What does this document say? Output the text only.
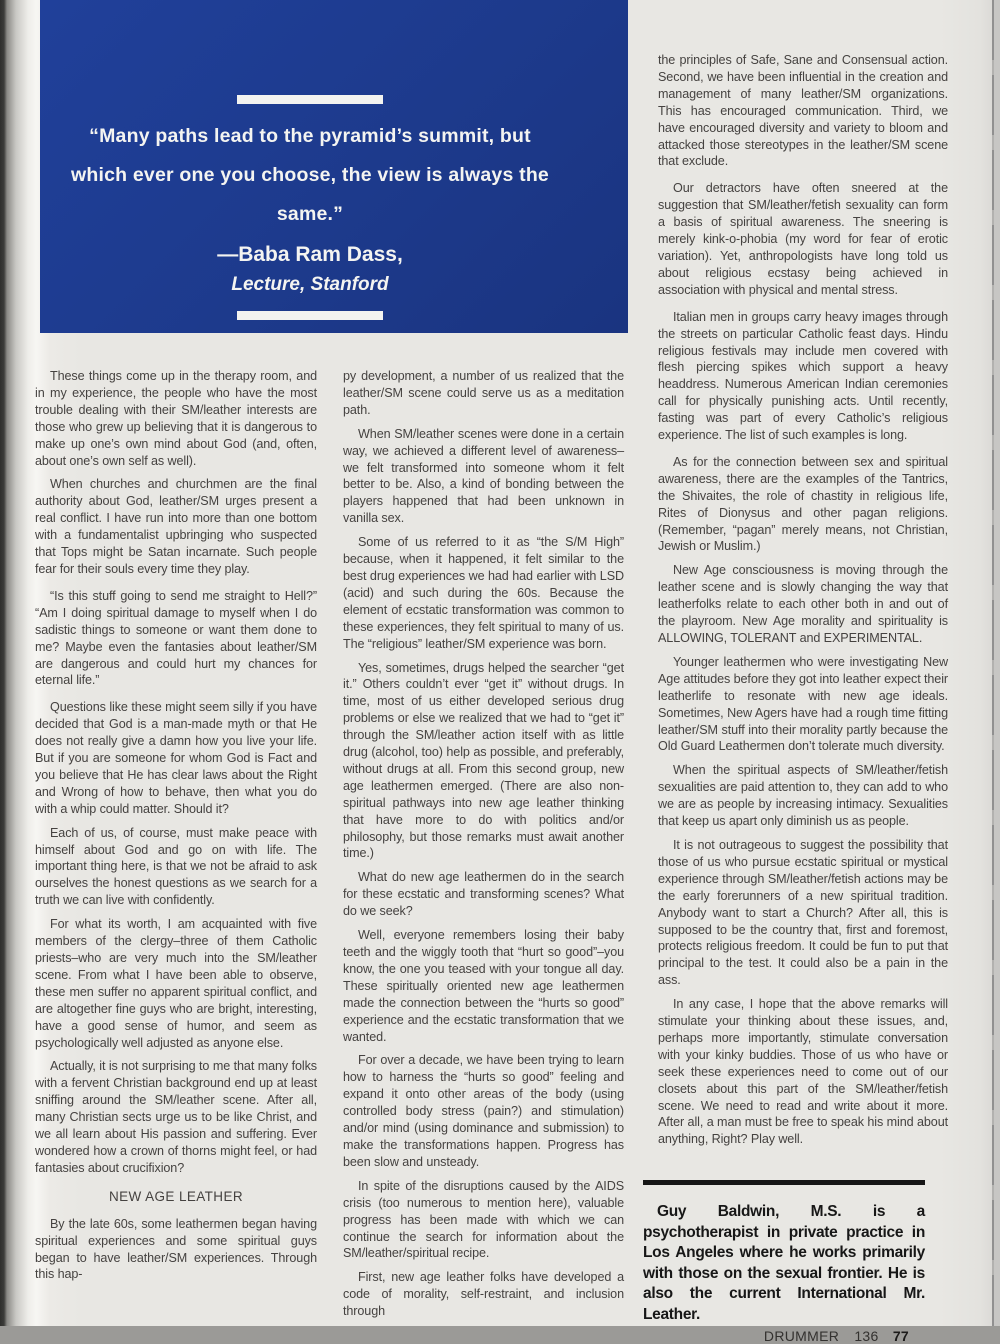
“Many paths lead to the pyramid’s summit, but which ever one you choose, the view is always the same.”
—Baba Ram Dass,
Lecture, Stanford

These things come up in the therapy room, and in my experience, the people who have the most trouble dealing with their SM/leather interests are those who grew up believing that it is dangerous to make up one’s own mind about God (and, often, about one’s own self as well).

When churches and churchmen are the final authority about God, leather/SM urges present a real conflict. I have run into more than one bottom with a fundamentalist upbringing who suspected that Tops might be Satan incarnate. Such people fear for their souls every time they play.

“Is this stuff going to send me straight to Hell?” “Am I doing spiritual damage to myself when I do sadistic things to someone or want them done to me? Maybe even the fantasies about leather/SM are dangerous and could hurt my chances for eternal life.”

Questions like these might seem silly if you have decided that God is a man-made myth or that He does not really give a damn how you live your life. But if you are someone for whom God is Fact and you believe that He has clear laws about the Right and Wrong of how to behave, then what you do with a whip could matter. Should it?

Each of us, of course, must make peace with himself about God and go on with life. The important thing here, is that we not be afraid to ask ourselves the honest questions as we search for a truth we can live with confidently.

For what its worth, I am acquainted with five members of the clergy–three of them Catholic priests–who are very much into the SM/leather scene. From what I have been able to observe, these men suffer no apparent spiritual conflict, and are altogether fine guys who are bright, interesting, have a good sense of humor, and seem as psychologically well adjusted as anyone else.

Actually, it is not surprising to me that many folks with a fervent Christian background end up at least sniffing around the SM/leather scene. After all, many Christian sects urge us to be like Christ, and we all learn about His passion and suffering. Ever wondered how a crown of thorns might feel, or had fantasies about crucifixion?

NEW AGE LEATHER

By the late 60s, some leathermen began having spiritual experiences and some spiritual guys began to have leather/SM experiences. Through this hap-

py development, a number of us realized that the leather/SM scene could serve us as a meditation path.

When SM/leather scenes were done in a certain way, we achieved a different level of awareness–we felt transformed into someone whom it felt better to be. Also, a kind of bonding between the players happened that had been unknown in vanilla sex.

Some of us referred to it as “the S/M High” because, when it happened, it felt similar to the best drug experiences we had had earlier with LSD (acid) and such during the 60s. Because the element of ecstatic transformation was common to these experiences, they felt spiritual to many of us. The “religious” leather/SM experience was born.

Yes, sometimes, drugs helped the searcher “get it.” Others couldn’t ever “get it” without drugs. In time, most of us either developed serious drug problems or else we realized that we had to “get it” through the SM/leather action itself with as little drug (alcohol, too) help as possible, and preferably, without drugs at all. From this second group, new age leathermen emerged. (There are also non-spiritual pathways into new age leather thinking that have more to do with politics and/or philosophy, but those remarks must await another time.)

What do new age leathermen do in the search for these ecstatic and transforming scenes? What do we seek?

Well, everyone remembers losing their baby teeth and the wiggly tooth that “hurt so good”–you know, the one you teased with your tongue all day. These spiritually oriented new age leathermen made the connection between the “hurts so good” experience and the ecstatic transformation that we wanted.

For over a decade, we have been trying to learn how to harness the “hurts so good” feeling and expand it onto other areas of the body (using controlled body stress (pain?) and stimulation) and/or mind (using dominance and submission) to make the transformations happen. Progress has been slow and unsteady.

In spite of the disruptions caused by the AIDS crisis (too numerous to mention here), valuable progress has been made with which we can continue the search for information about the SM/leather/spiritual recipe.

First, new age leather folks have developed a code of morality, self-restraint, and inclusion through

the principles of Safe, Sane and Consensual action. Second, we have been influential in the creation and management of many leather/SM organizations. This has encouraged communication. Third, we have encouraged diversity and variety to bloom and attacked those stereotypes in the leather/SM scene that exclude.

Our detractors have often sneered at the suggestion that SM/leather/fetish sexuality can form a basis of spiritual awareness. The sneering is merely kink-o-phobia (my word for fear of erotic variation). Yet, anthropologists have long told us about religious ecstasy being achieved in association with physical and mental stress.

Italian men in groups carry heavy images through the streets on particular Catholic feast days. Hindu religious festivals may include men covered with flesh piercing spikes which support a heavy headdress. Numerous American Indian ceremonies call for physically punishing acts. Until recently, fasting was part of every Catholic’s religious experience. The list of such examples is long.

As for the connection between sex and spiritual awareness, there are the examples of the Tantrics, the Shivaites, the role of chastity in religious life, Rites of Dionysus and other pagan religions. (Remember, “pagan” merely means, not Christian, Jewish or Muslim.)

New Age consciousness is moving through the leather scene and is slowly changing the way that leatherfolks relate to each other both in and out of the playroom. New Age morality and spirituality is ALLOWING, TOLERANT and EXPERIMENTAL.

Younger leathermen who were investigating New Age attitudes before they got into leather expect their leatherlife to resonate with new age ideals. Sometimes, New Agers have had a rough time fitting leather/SM stuff into their morality partly because the Old Guard Leathermen don’t tolerate much diversity.

When the spiritual aspects of SM/leather/fetish sexualities are paid attention to, they can add to who we are as people by increasing intimacy. Sexualities that keep us apart only diminish us as people.

It is not outrageous to suggest the possibility that those of us who pursue ecstatic spiritual or mystical experience through SM/leather/fetish actions may be the early forerunners of a new spiritual tradition. Anybody want to start a Church? After all, this is supposed to be the country that, first and foremost, protects religious freedom. It could be fun to put that principal to the test. It could also be a pain in the ass.

In any case, I hope that the above remarks will stimulate your thinking about these issues, and, perhaps more importantly, stimulate conversation with your kinky buddies. Those of us who have or seek these experiences need to come out of our closets about this part of the SM/leather/fetish scene. We need to read and write about it more. After all, a man must be free to speak his mind about anything, Right? Play well.

Guy Baldwin, M.S. is a psychotherapist in private practice in Los Angeles where he works primarily with those on the sexual frontier. He is also the current International Mr. Leather.
DRUMMER 136 77
